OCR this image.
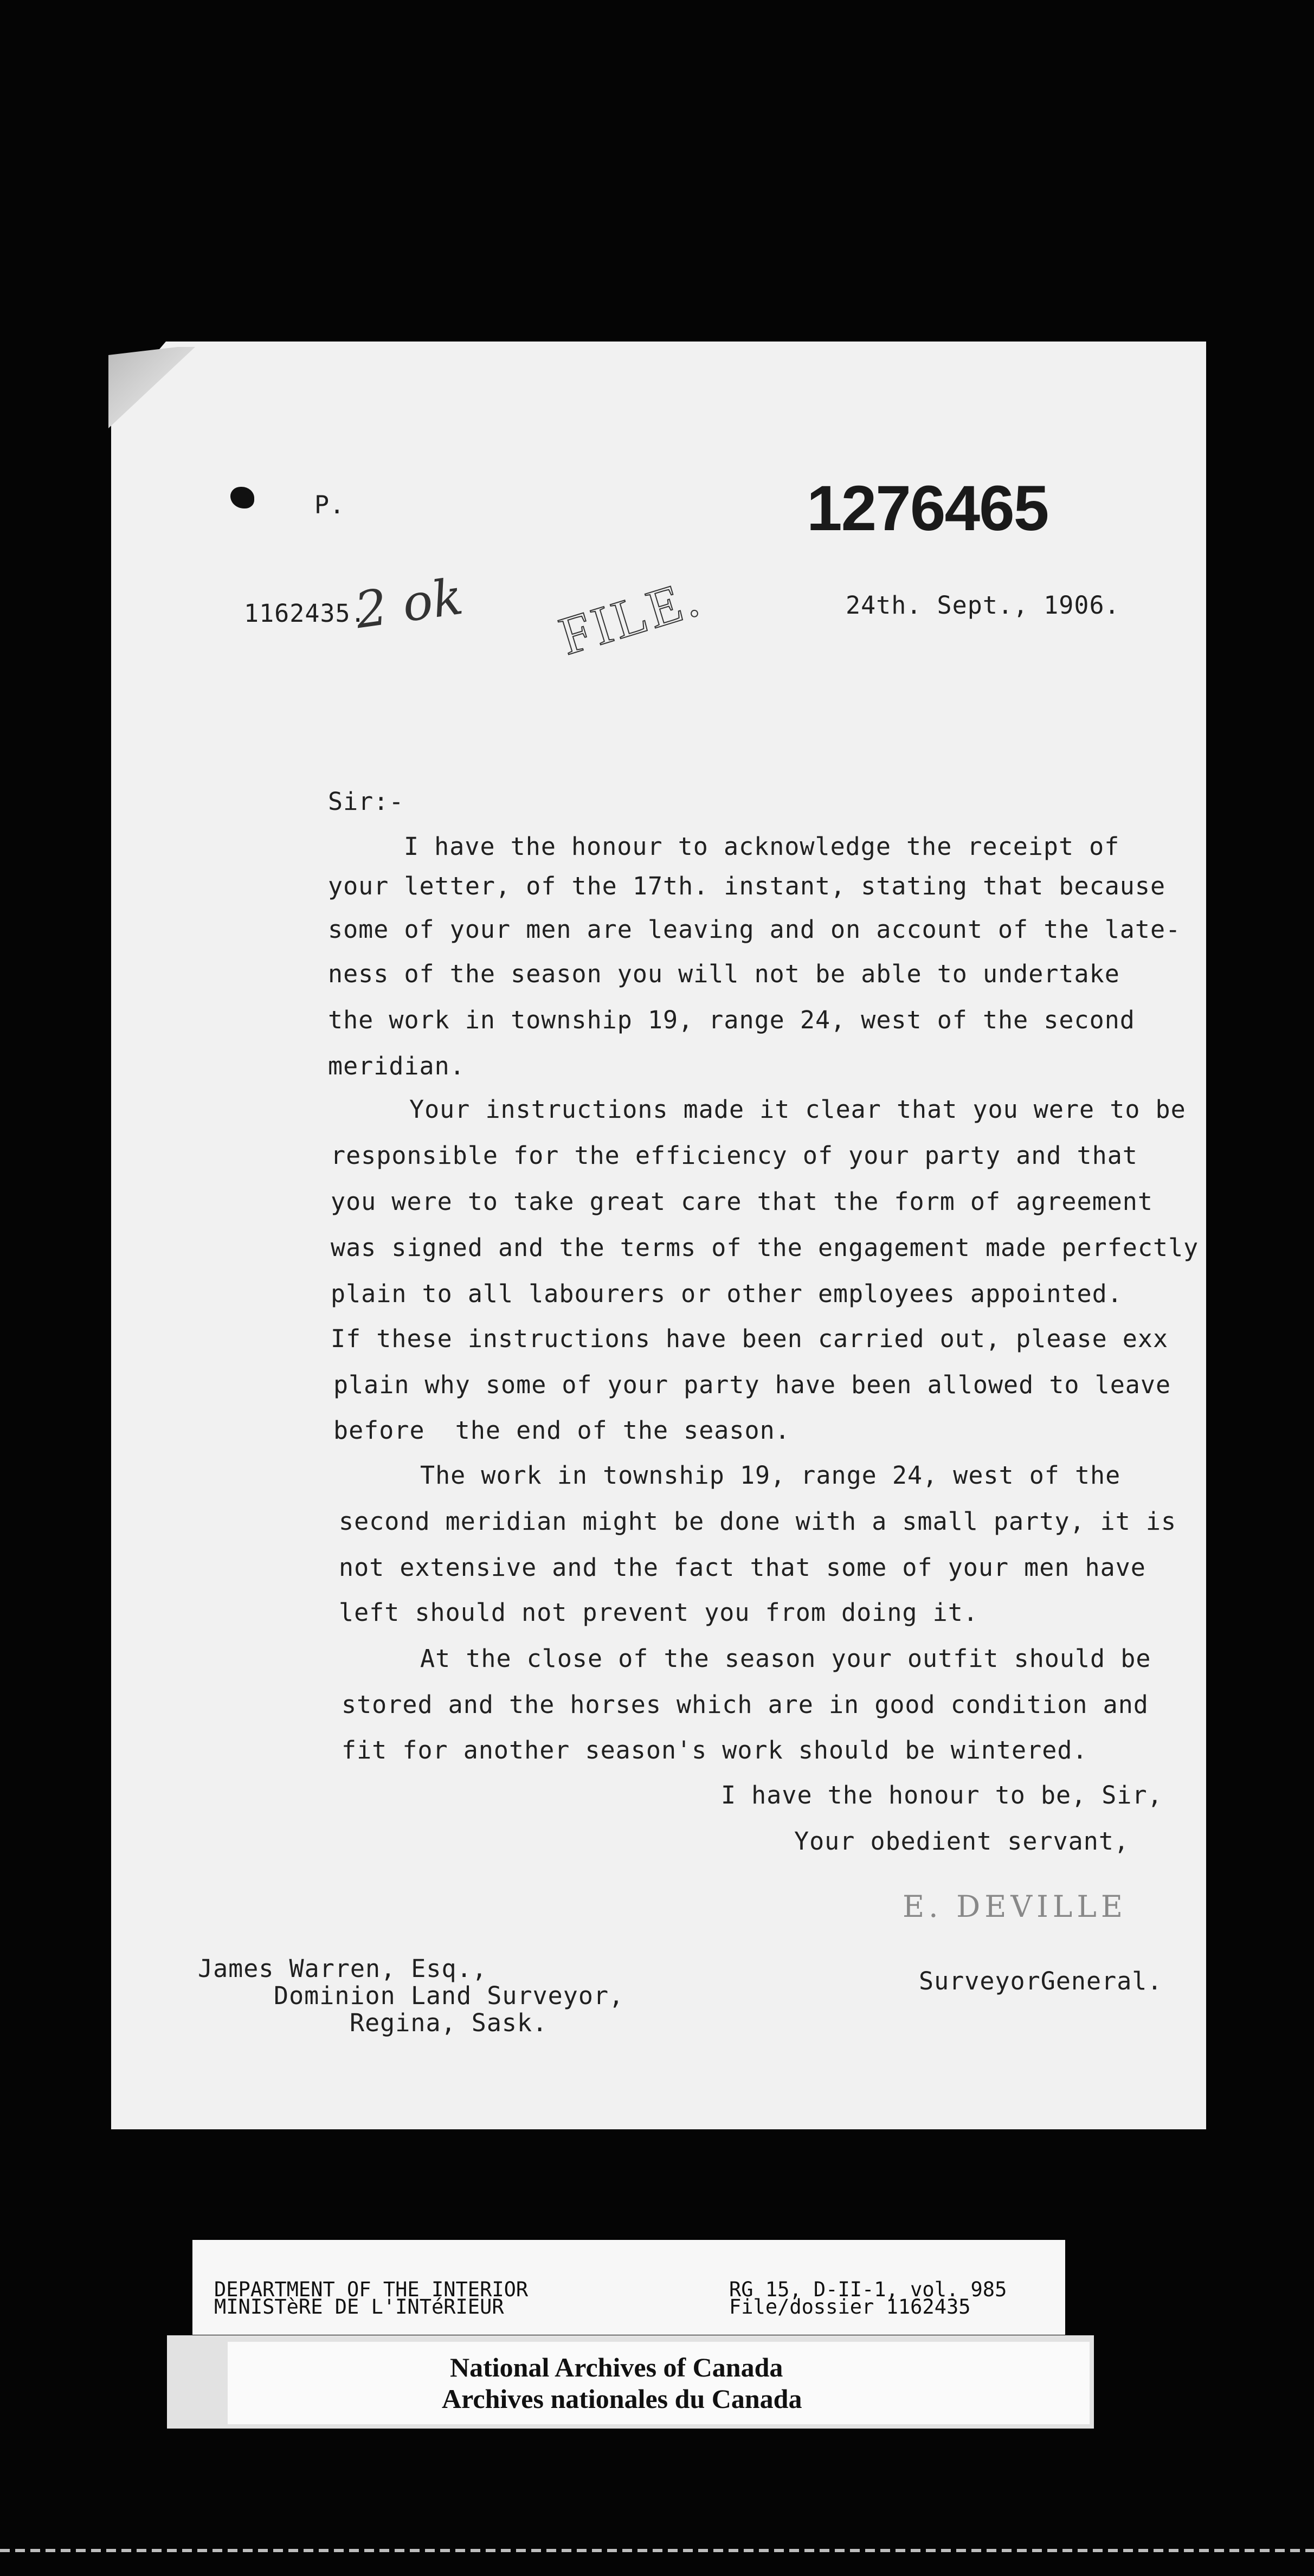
P.	1276465
1162435.
2 ok FILE.	24th. Sept., 1906.
Sir:-
I have the honour to acknowledge the receipt of
your letter, of the 17th. instant, stating that because
some of your men are leaving and on account of the late-
ness of the season you will not be able to undertake
the work in township 19, range 24, west of the second
meridian.
Your instructions made it clear that you were to be
responsible for the efficiency of your party and that
you were to take great care that the form of agreement
was signed and the terms of the engagement made perfectly
plain to all labourers or other employees appointed.
If these instructions have been carried out, please exx
plain why some of your party have been allowed to leave
before  the end of the season.
The work in township 19, range 24, west of the
second meridian might be done with a small party, it is
not extensive and the fact that some of your men have
left should not prevent you from doing it.
At the close of the season your outfit should be
stored and the horses which are in good condition and
fit for another season's work should be wintered.
I have the honour to be, Sir,
Your obedient servant,
E. DEVILLE
SurveyorGeneral.
James Warren, Esq.,
Dominion Land Surveyor,
Regina, Sask.
DEPARTMENT OF THE INTERIOR
MINISTèRE DE L'INTéRIEUR
RG 15, D-II-1, vol. 985
File/dossier 1162435
National Archives of Canada
Archives nationales du Canada
